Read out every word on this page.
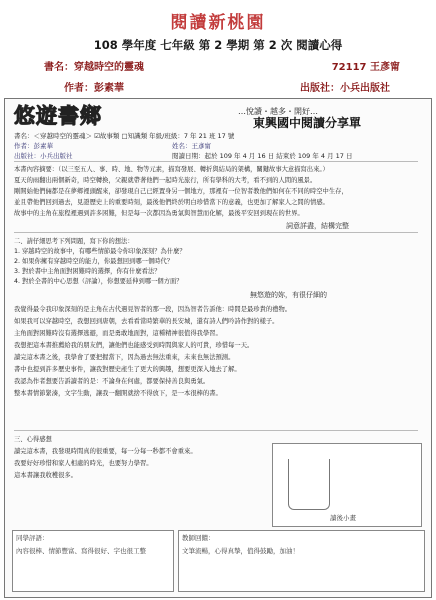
閱讀新桃園
108 學年度 七年級 第 2 學期 第 2 次 閱讀心得
書名：穿越時空的靈魂	72117 王彥甯
作者：彭素華	出版社：小兵出版社
悠遊書鄉	…悅讀・越多・開好…
東興國中閱讀分享單
書名：＜穿越時空的靈魂＞ ☑故事類 □知識類 年級/班級：7 年 21 班 17 號
作者：彭素華	姓名：王彥甯
出版社：小兵出版社	閱讀日期：起於 109 年 4 月 16 日 結束於 109 年 4 月 17 日
本書內容摘要：（以三至五人、事、時、地、物等元素，描寫發展、轉折與結局的架構，關鍵故事大意描寫出來。）
夏天的雨翻出兩個新奇，時空轉換，父親就帶著他們一起時光旅行，所有學科的大考，看不到的人間的風景。
剛開始他們倆都是在夢鄉裡頭醒來，卻發現自己已經置身另一個地方，那裡有一位智者教他們如何在不同的時空中生存，
並且帶他們回到過去，見證歷史上的重要時刻，最後他們終於明白珍惜當下的意義，也更加了解家人之間的情感。
故事中的主角在旅程裡遇到許多困難，但是每一次都因為勇氣與智慧而化解，最後平安回到現在的世界。
詞意詳盡，結構完整
二、請仔細思考下列問題，寫下你的想法：
1. 穿越時空的故事中，有哪些情節最令你印象深刻？為什麼？
2. 如果你擁有穿越時空的能力，你最想回到哪一個時代？
3. 對於書中主角面對困難時的選擇，你有什麼看法？
4. 對於全書的中心思想（評論），你想要延伸到哪一個方面？
無悠遊的妳，有很仔細的
我覺得最令我印象深刻的是主角在古代遇見智者的那一段，因為智者告訴他：時間是最珍貴的禮物。
如果我可以穿越時空，我想回到唐朝，去看看當時繁華的長安城，還有詩人們吟詩作對的樣子。
主角面對困難時沒有選擇逃避，而是勇敢地面對，這種精神很值得我學習。
我想把這本書推薦給我的朋友們，讓他們也能感受到時間與家人的可貴，珍惜每一天。
讀完這本書之後，我學會了要把握當下，因為過去無法重來，未來也無法預測。
書中也提到許多歷史事件，讓我對歷史產生了更大的興趣，想要更深入地去了解。
我認為作者想要告訴讀者的是：不論身在何處，都要保持善良與勇氣。
整本書情節緊湊，文字生動，讓我一翻開就捨不得放下，是一本很棒的書。
三、心得感想
讀完這本書，我發現時間真的很重要，每一分每一秒都不會重來。
我要好好珍惜和家人相處的時光，也要努力學習。
這本書讓我收穫很多。
讀後小畫
同學評語：
內容很棒、情節豐富、寫得很好、字也很工整
教師回饋：
文筆流暢，心得真摯，值得鼓勵，加油！
